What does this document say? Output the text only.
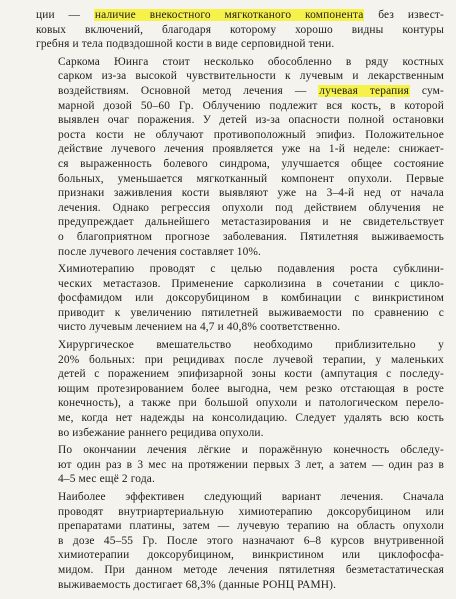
ции — наличие внекостного мягкотканого компонента без извест-
ковых включений, благодаря которому хорошо видны контуры
гребня и тела подвздошной кости в виде серповидной тени.

Саркома Юинга стоит несколько обособленно в ряду костных
сарком из-за высокой чувствительности к лучевым и лекарственным
воздействиям. Основной метод лечения — лучевая терапия сум-
марной дозой 50–60 Гр. Облучению подлежит вся кость, в которой
выявлен очаг поражения. У детей из-за опасности полной остановки
роста кости не облучают противоположный эпифиз. Положительное
действие лучевого лечения проявляется уже на 1-й неделе: снижает-
ся выраженность болевого синдрома, улучшается общее состояние
больных, уменьшается мягкотканный компонент опухоли. Первые
признаки заживления кости выявляют уже на 3–4-й нед от начала
лечения. Однако регрессия опухоли под действием облучения не
предупреждает дальнейшего метастазирования и не свидетельствует
о благоприятном прогнозе заболевания. Пятилетняя выживаемость
после лучевого лечения составляет 10%.

Химиотерапию проводят с целью подавления роста субклини-
ческих метастазов. Применение сарколизина в сочетании с цикло-
фосфамидом или доксорубицином в комбинации с винкристином
приводит к увеличению пятилетней выживаемости по сравнению с
чисто лучевым лечением на 4,7 и 40,8% соответственно.

Хирургическое вмешательство необходимо приблизительно у
20% больных: при рецидивах после лучевой терапии, у маленьких
детей с поражением эпифизарной зоны кости (ампутация с последу-
ющим протезированием более выгодна, чем резко отстающая в росте
конечность), а также при большой опухоли и патологическом перело-
ме, когда нет надежды на консолидацию. Следует удалять всю кость
во избежание раннего рецидива опухоли.

По окончании лечения лёгкие и поражённую конечность обследу-
ют один раз в 3 мес на протяжении первых 3 лет, а затем — один раз в
4–5 мес ещё 2 года.

Наиболее эффективен следующий вариант лечения. Сначала
проводят внутриартериальную химиотерапию доксорубицином или
препаратами платины, затем — лучевую терапию на область опухоли
в дозе 45–55 Гр. После этого назначают 6–8 курсов внутривенной
химиотерапии доксорубицином, винкристином или циклофосфа-
мидом. При данном методе лечения пятилетняя безметастатическая
выживаемость достигает 68,3% (данные РОНЦ РАМН).
